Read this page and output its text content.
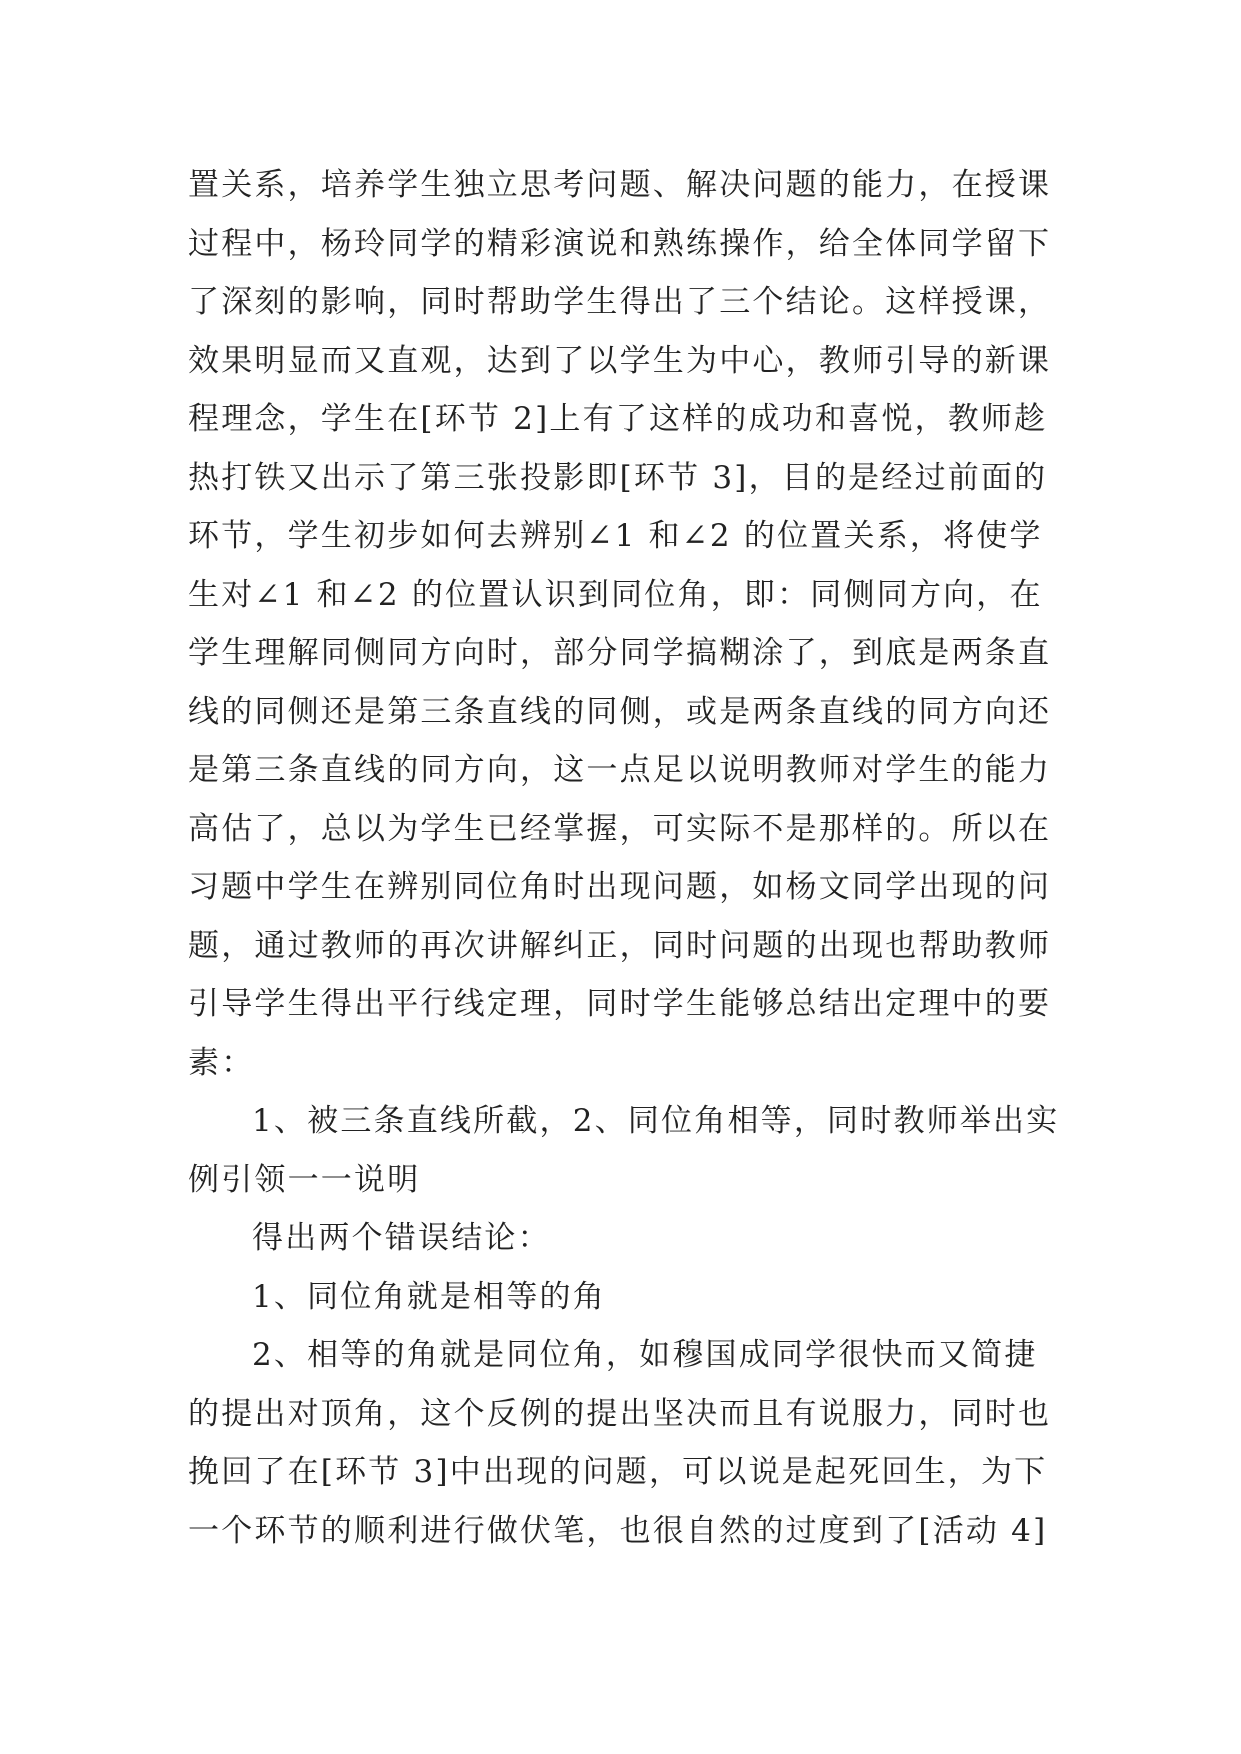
置关系，培养学生独立思考问题、解决问题的能力，在授课
过程中，杨玲同学的精彩演说和熟练操作，给全体同学留下
了深刻的影响，同时帮助学生得出了三个结论。这样授课，
效果明显而又直观，达到了以学生为中心，教师引导的新课
程理念，学生在[环节 2]上有了这样的成功和喜悦，教师趁
热打铁又出示了第三张投影即[环节 3]，目的是经过前面的
环节，学生初步如何去辨别∠1 和∠2 的位置关系，将使学
生对∠1 和∠2 的位置认识到同位角，即：同侧同方向，在
学生理解同侧同方向时，部分同学搞糊涂了，到底是两条直
线的同侧还是第三条直线的同侧，或是两条直线的同方向还
是第三条直线的同方向，这一点足以说明教师对学生的能力
高估了，总以为学生已经掌握，可实际不是那样的。所以在
习题中学生在辨别同位角时出现问题，如杨文同学出现的问
题，通过教师的再次讲解纠正，同时问题的出现也帮助教师
引导学生得出平行线定理，同时学生能够总结出定理中的要
素：
1、被三条直线所截，2、同位角相等，同时教师举出实
例引领一一说明
得出两个错误结论：
1、同位角就是相等的角
2、相等的角就是同位角，如穆国成同学很快而又简捷
的提出对顶角，这个反例的提出坚决而且有说服力，同时也
挽回了在[环节 3]中出现的问题，可以说是起死回生，为下
一个环节的顺利进行做伏笔，也很自然的过度到了[活动 4]
